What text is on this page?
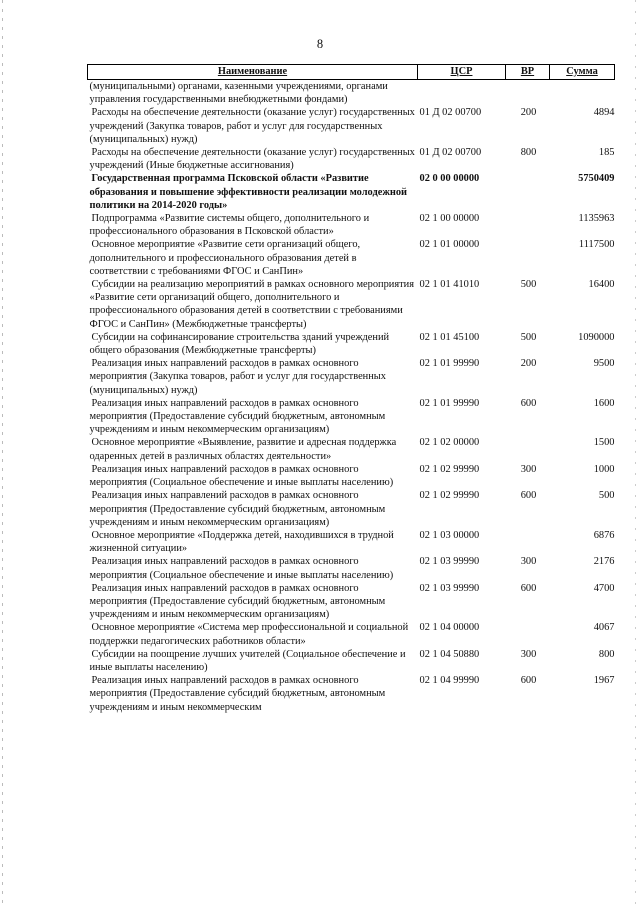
8
Наименование	ЦСР	ВР	Сумма
(муниципальными) органами, казенными учреждениями, органами управления государственными внебюджетными фондами)			
Расходы на обеспечение деятельности (оказание услуг) государственных учреждений (Закупка товаров, работ и услуг для государственных (муниципальных) нужд)	01 Д 02 00700	200	4894
Расходы на обеспечение деятельности (оказание услуг) государственных учреждений (Иные бюджетные ассигнования)	01 Д 02 00700	800	185
Государственная программа Псковской области «Развитие образования и повышение эффективности реализации молодежной политики на 2014-2020 годы»	02 0 00 00000		5750409
Подпрограмма «Развитие системы общего, дополнительного и профессионального образования в Псковской области»	02 1 00 00000		1135963
Основное мероприятие «Развитие сети организаций общего, дополнительного и профессионального образования детей в соответствии с требованиями ФГОС и СанПин»	02 1 01 00000		1117500
Субсидии на реализацию мероприятий в рамках основного мероприятия «Развитие сети организаций общего, дополнительного и профессионального образования детей в соответствии с требованиями ФГОС и СанПин» (Межбюджетные трансферты)	02 1 01 41010	500	16400
Субсидии на софинансирование строительства зданий учреждений общего образования (Межбюджетные трансферты)	02 1 01 45100	500	1090000
Реализация иных направлений расходов в рамках основного мероприятия (Закупка товаров, работ и услуг для государственных (муниципальных) нужд)	02 1 01 99990	200	9500
Реализация иных направлений расходов в рамках основного мероприятия (Предоставление субсидий бюджетным, автономным учреждениям и иным некоммерческим организациям)	02 1 01 99990	600	1600
Основное мероприятие «Выявление, развитие и адресная поддержка одаренных детей в различных областях деятельности»	02 1 02 00000		1500
Реализация иных направлений расходов в рамках основного мероприятия (Социальное обеспечение и иные выплаты населению)	02 1 02 99990	300	1000
Реализация иных направлений расходов в рамках основного мероприятия (Предоставление субсидий бюджетным, автономным учреждениям и иным некоммерческим организациям)	02 1 02 99990	600	500
Основное мероприятие «Поддержка детей, находившихся в трудной жизненной ситуации»	02 1 03 00000		6876
Реализация иных направлений расходов в рамках основного мероприятия (Социальное обеспечение и иные выплаты населению)	02 1 03 99990	300	2176
Реализация иных направлений расходов в рамках основного мероприятия (Предоставление субсидий бюджетным, автономным учреждениям и иным некоммерческим организациям)	02 1 03 99990	600	4700
Основное мероприятие «Система мер профессиональной и социальной поддержки педагогических работников области»	02 1 04 00000		4067
Субсидии на поощрение лучших учителей (Социальное обеспечение и иные выплаты населению)	02 1 04 50880	300	800
Реализация иных направлений расходов в рамках основного мероприятия (Предоставление субсидий бюджетным, автономным учреждениям и иным некоммерческим	02 1 04 99990	600	1967
